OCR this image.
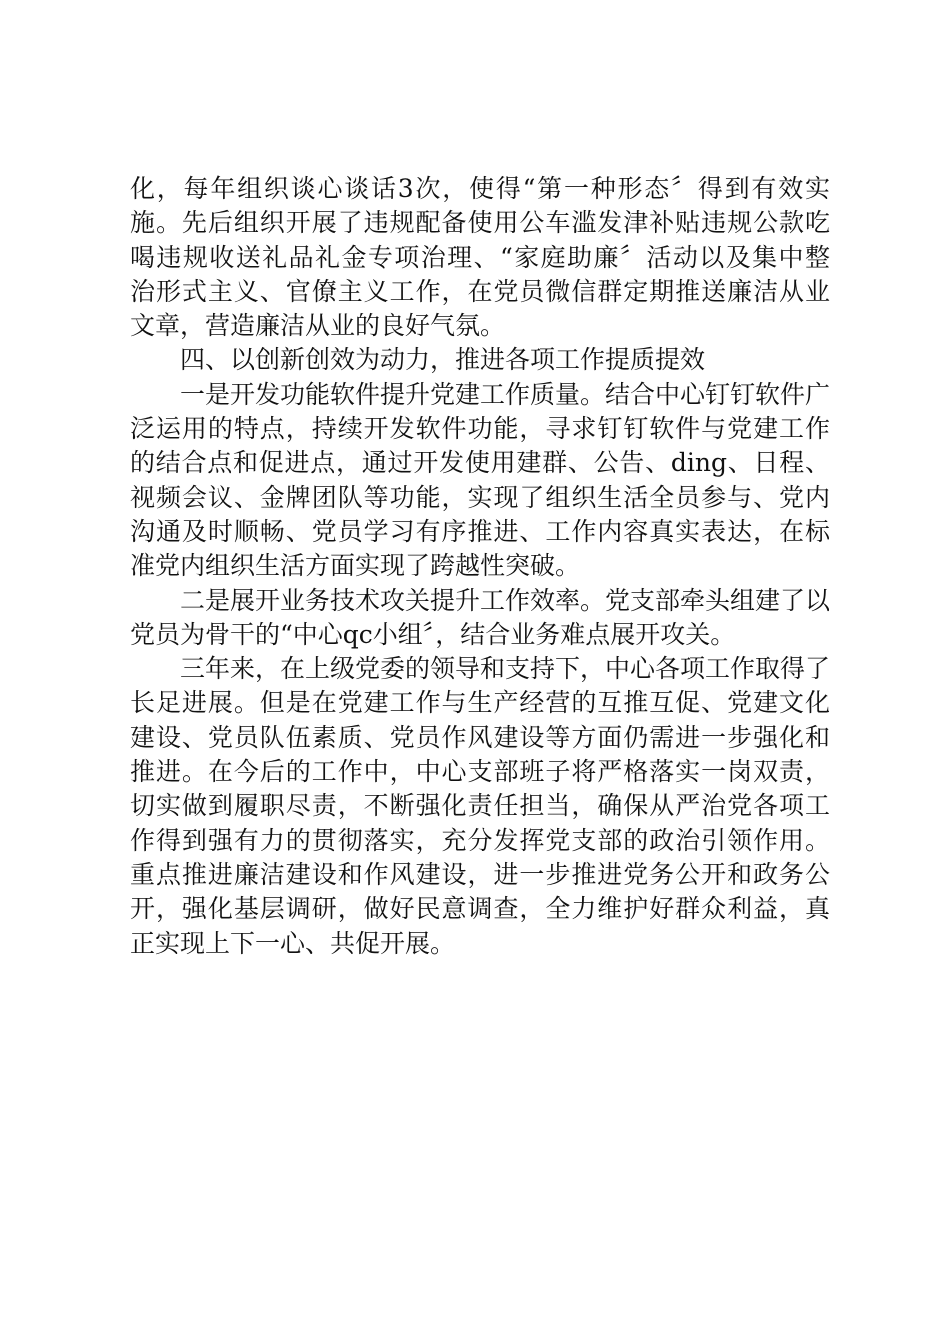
化，每年组织谈心谈话3次，使得“第一种形态〞得到有效实
施。先后组织开展了违规配备使用公车滥发津补贴违规公款吃
喝违规收送礼品礼金专项治理、“家庭助廉〞活动以及集中整
治形式主义、官僚主义工作，在党员微信群定期推送廉洁从业
文章，营造廉洁从业的良好气氛。
四、以创新创效为动力，推进各项工作提质提效
一是开发功能软件提升党建工作质量。结合中心钉钉软件广
泛运用的特点，持续开发软件功能，寻求钉钉软件与党建工作
的结合点和促进点，通过开发使用建群、公告、ding、日程、
视频会议、金牌团队等功能，实现了组织生活全员参与、党内
沟通及时顺畅、党员学习有序推进、工作内容真实表达，在标
准党内组织生活方面实现了跨越性突破。
二是展开业务技术攻关提升工作效率。党支部牵头组建了以
党员为骨干的“中心qc小组〞，结合业务难点展开攻关。
三年来，在上级党委的领导和支持下，中心各项工作取得了
长足进展。但是在党建工作与生产经营的互推互促、党建文化
建设、党员队伍素质、党员作风建设等方面仍需进一步强化和
推进。在今后的工作中，中心支部班子将严格落实一岗双责，
切实做到履职尽责，不断强化责任担当，确保从严治党各项工
作得到强有力的贯彻落实，充分发挥党支部的政治引领作用。
重点推进廉洁建设和作风建设，进一步推进党务公开和政务公
开，强化基层调研，做好民意调查，全力维护好群众利益，真
正实现上下一心、共促开展。
